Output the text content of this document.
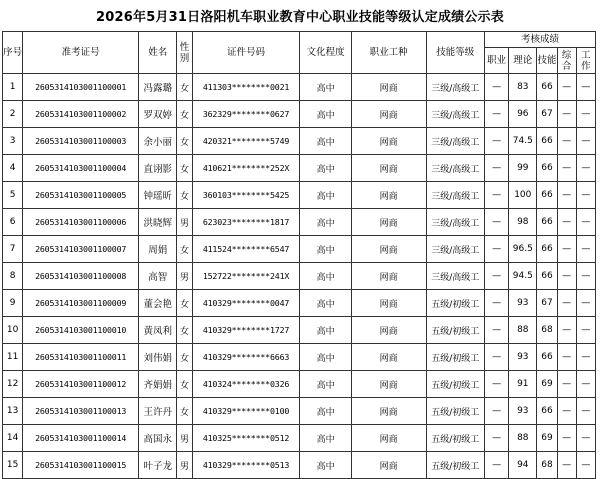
2026年5月31日洛阳机车职业教育中心职业技能等级认定成绩公示表
序号	准考证号	姓名	性别	证件号码	文化程度	职业工种	技能等级	考核成绩				
								职业	理论	技能	综合	工作
1	2605314103001100001	冯露璐	女	411303********0021	高中	网商	三级/高级工	—	83	66	—	—
2	2605314103001100002	罗双婷	女	362329********0627	高中	网商	三级/高级工	—	96	67	—	—
3	2605314103001100003	余小丽	女	420321********5749	高中	网商	三级/高级工	—	74.5	66	—	—
4	2605314103001100004	直诩影	女	410621********252X	高中	网商	三级/高级工	—	99	66	—	—
5	2605314103001100005	钟瑶昕	女	360103********5425	高中	网商	三级/高级工	—	100	66	—	—
6	2605314103001100006	洪晓辉	男	623023********1817	高中	网商	三级/高级工	—	98	66	—	—
7	2605314103001100007	周娟	女	411524********6547	高中	网商	三级/高级工	—	96.5	66	—	—
8	2605314103001100008	高智	男	152722********241X	高中	网商	三级/高级工	—	94.5	66	—	—
9	2605314103001100009	董会艳	女	410329********0047	高中	网商	五级/初级工	—	93	67	—	—
10	2605314103001100010	黄凤利	女	410329********1727	高中	网商	五级/初级工	—	88	68	—	—
11	2605314103001100011	刘伟娟	女	410329********6663	高中	网商	五级/初级工	—	93	66	—	—
12	2605314103001100012	齐娟娟	女	410324********0326	高中	网商	五级/初级工	—	91	69	—	—
13	2605314103001100013	王许丹	女	410329********0100	高中	网商	五级/初级工	—	93	66	—	—
14	2605314103001100014	高国永	男	410325********0512	高中	网商	五级/初级工	—	88	69	—	—
15	2605314103001100015	叶子龙	男	410329********0513	高中	网商	五级/初级工	—	94	68	—	—
